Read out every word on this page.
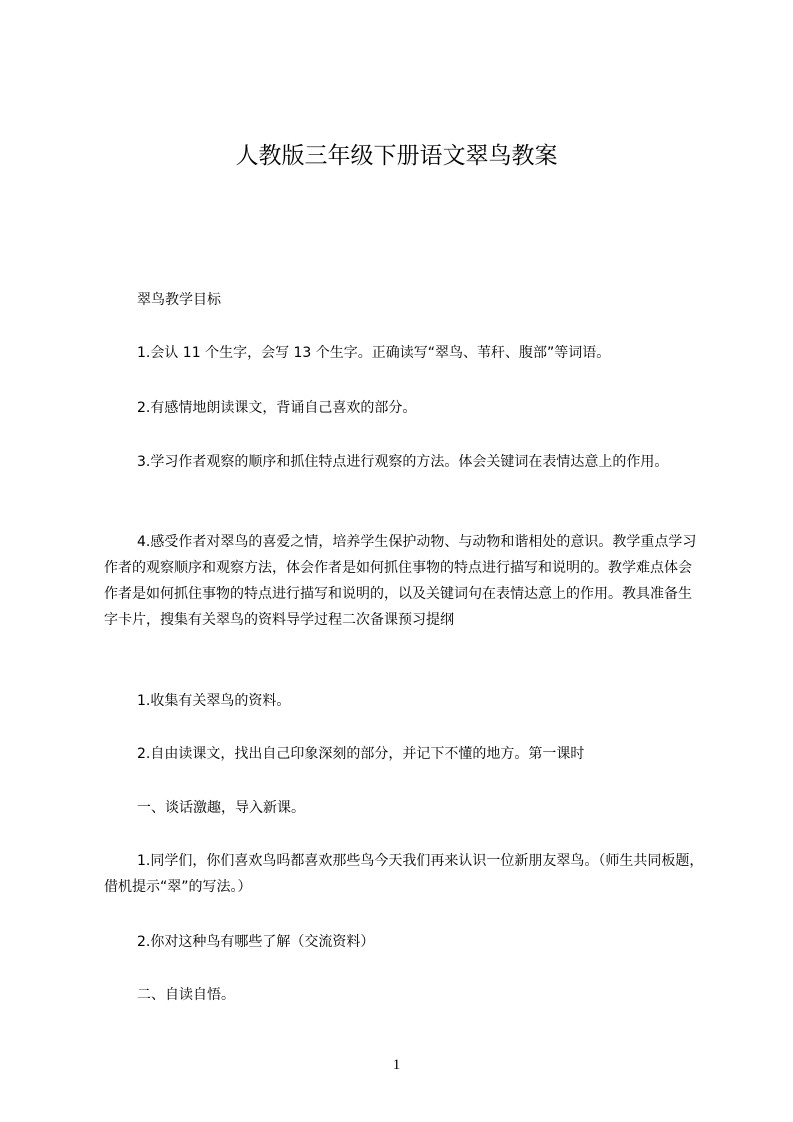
人教版三年级下册语文翠鸟教案

翠鸟教学目标

1.会认 11 个生字，会写 13 个生字。正确读写“翠鸟、苇秆、腹部”等词语。

2.有感情地朗读课文，背诵自己喜欢的部分。

3.学习作者观察的顺序和抓住特点进行观察的方法。体会关键词在表情达意上的作用。

4.感受作者对翠鸟的喜爱之情，培养学生保护动物、与动物和谐相处的意识。教学重点学习作者的观察顺序和观察方法，体会作者是如何抓住事物的特点进行描写和说明的。教学难点体会作者是如何抓住事物的特点进行描写和说明的，以及关键词句在表情达意上的作用。教具准备生字卡片，搜集有关翠鸟的资料导学过程二次备课预习提纲

1.收集有关翠鸟的资料。

2.自由读课文，找出自己印象深刻的部分，并记下不懂的地方。第一课时

一、谈话激趣，导入新课。

1.同学们，你们喜欢鸟吗都喜欢那些鸟今天我们再来认识一位新朋友翠鸟。（师生共同板题，借机提示“翠”的写法。）

2.你对这种鸟有哪些了解（交流资料）

二、自读自悟。

1
